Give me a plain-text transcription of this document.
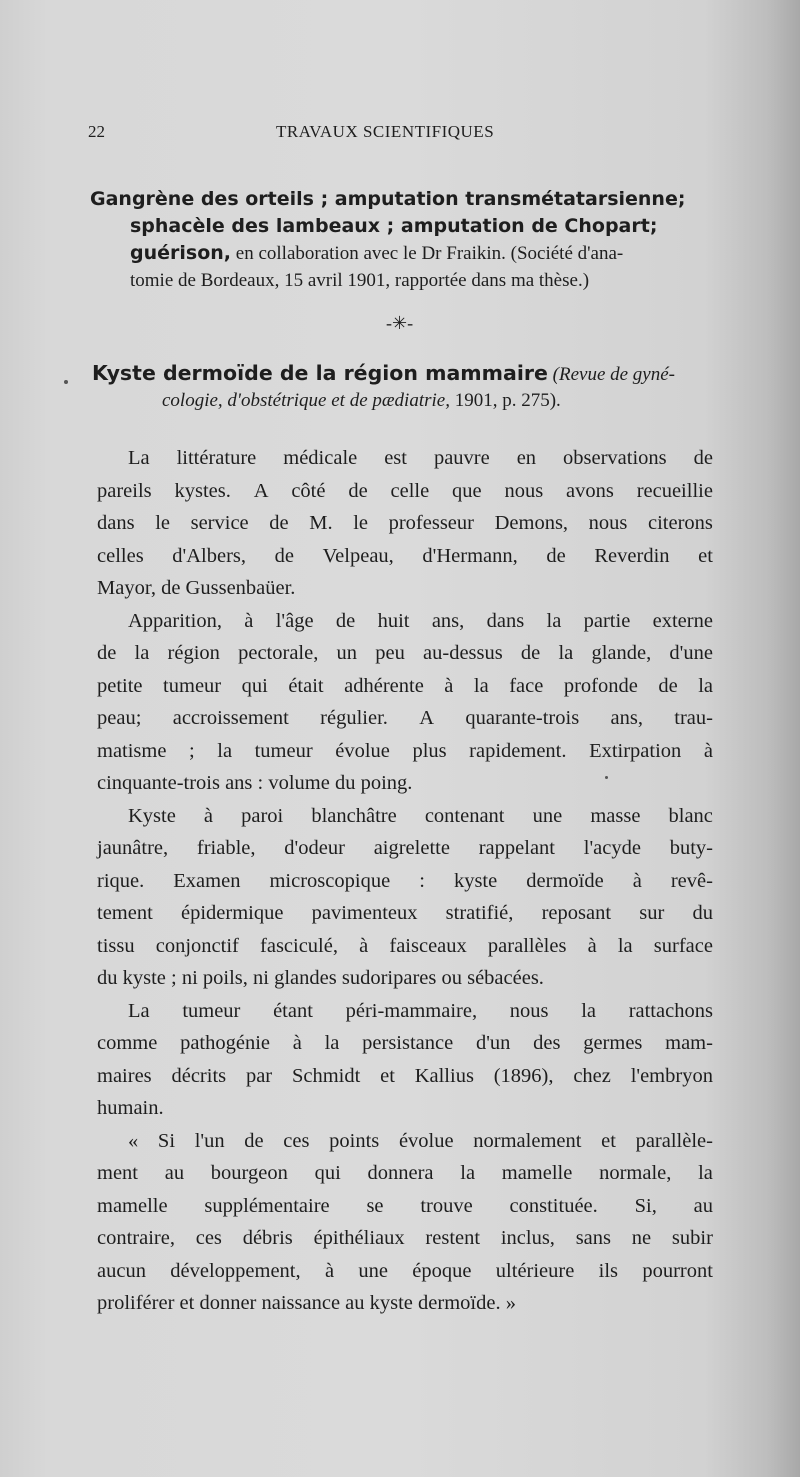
22	TRAVAUX SCIENTIFIQUES
Gangrène des orteils ; amputation transmétatarsienne;
sphacèle des lambeaux ; amputation de Chopart;
guérison, en collaboration avec le Dr Fraikin. (Société d'ana-
tomie de Bordeaux, 15 avril 1901, rapportée dans ma thèse.)
-✳-
Kyste dermoïde de la région mammaire (Revue de gyné-
cologie, d'obstétrique et de pædiatrie, 1901, p. 275).
La littérature médicale est pauvre en observations de
pareils kystes. A côté de celle que nous avons recueillie
dans le service de M. le professeur Demons, nous citerons
celles d'Albers, de Velpeau, d'Hermann, de Reverdin et
Mayor, de Gussenbaüer.
Apparition, à l'âge de huit ans, dans la partie externe
de la région pectorale, un peu au-dessus de la glande, d'une
petite tumeur qui était adhérente à la face profonde de la
peau; accroissement régulier. A quarante-trois ans, trau-
matisme ; la tumeur évolue plus rapidement. Extirpation à
cinquante-trois ans : volume du poing.
Kyste à paroi blanchâtre contenant une masse blanc
jaunâtre, friable, d'odeur aigrelette rappelant l'acyde buty-
rique. Examen microscopique : kyste dermoïde à revê-
tement épidermique pavimenteux stratifié, reposant sur du
tissu conjonctif fasciculé, à faisceaux parallèles à la surface
du kyste ; ni poils, ni glandes sudoripares ou sébacées.
La tumeur étant péri-mammaire, nous la rattachons
comme pathogénie à la persistance d'un des germes mam-
maires décrits par Schmidt et Kallius (1896), chez l'embryon
humain.
« Si l'un de ces points évolue normalement et parallèle-
ment au bourgeon qui donnera la mamelle normale, la
mamelle supplémentaire se trouve constituée. Si, au
contraire, ces débris épithéliaux restent inclus, sans ne subir
aucun développement, à une époque ultérieure ils pourront
proliférer et donner naissance au kyste dermoïde. »
